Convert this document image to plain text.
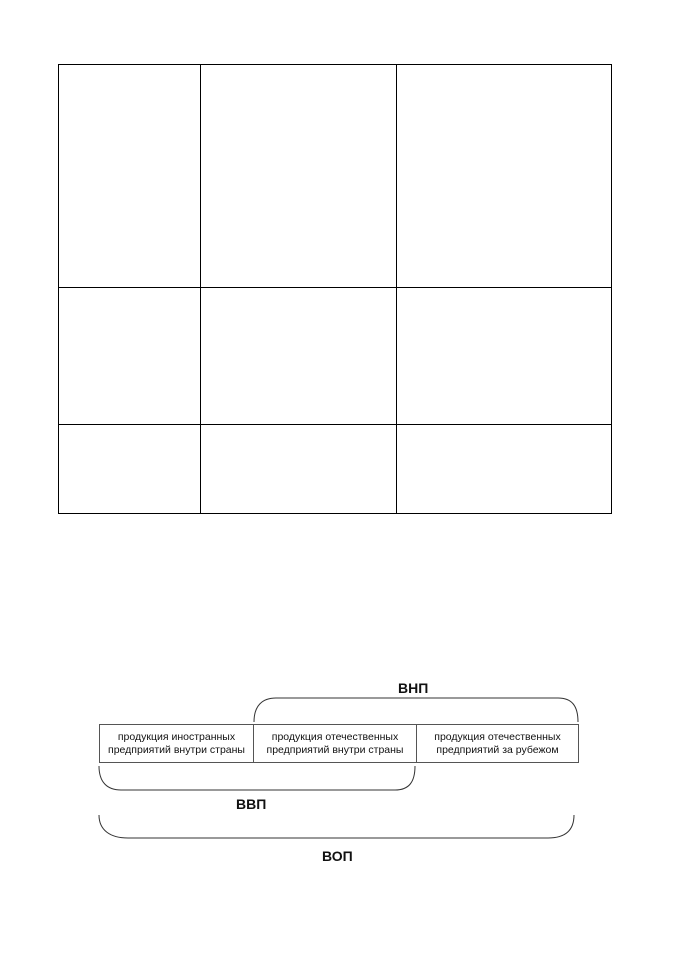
ВНП
продукция иностранных
предприятий внутри страны
продукция отечественных
предприятий внутри страны
продукция отечественных
предприятий за рубежом
ВВП
ВОП
